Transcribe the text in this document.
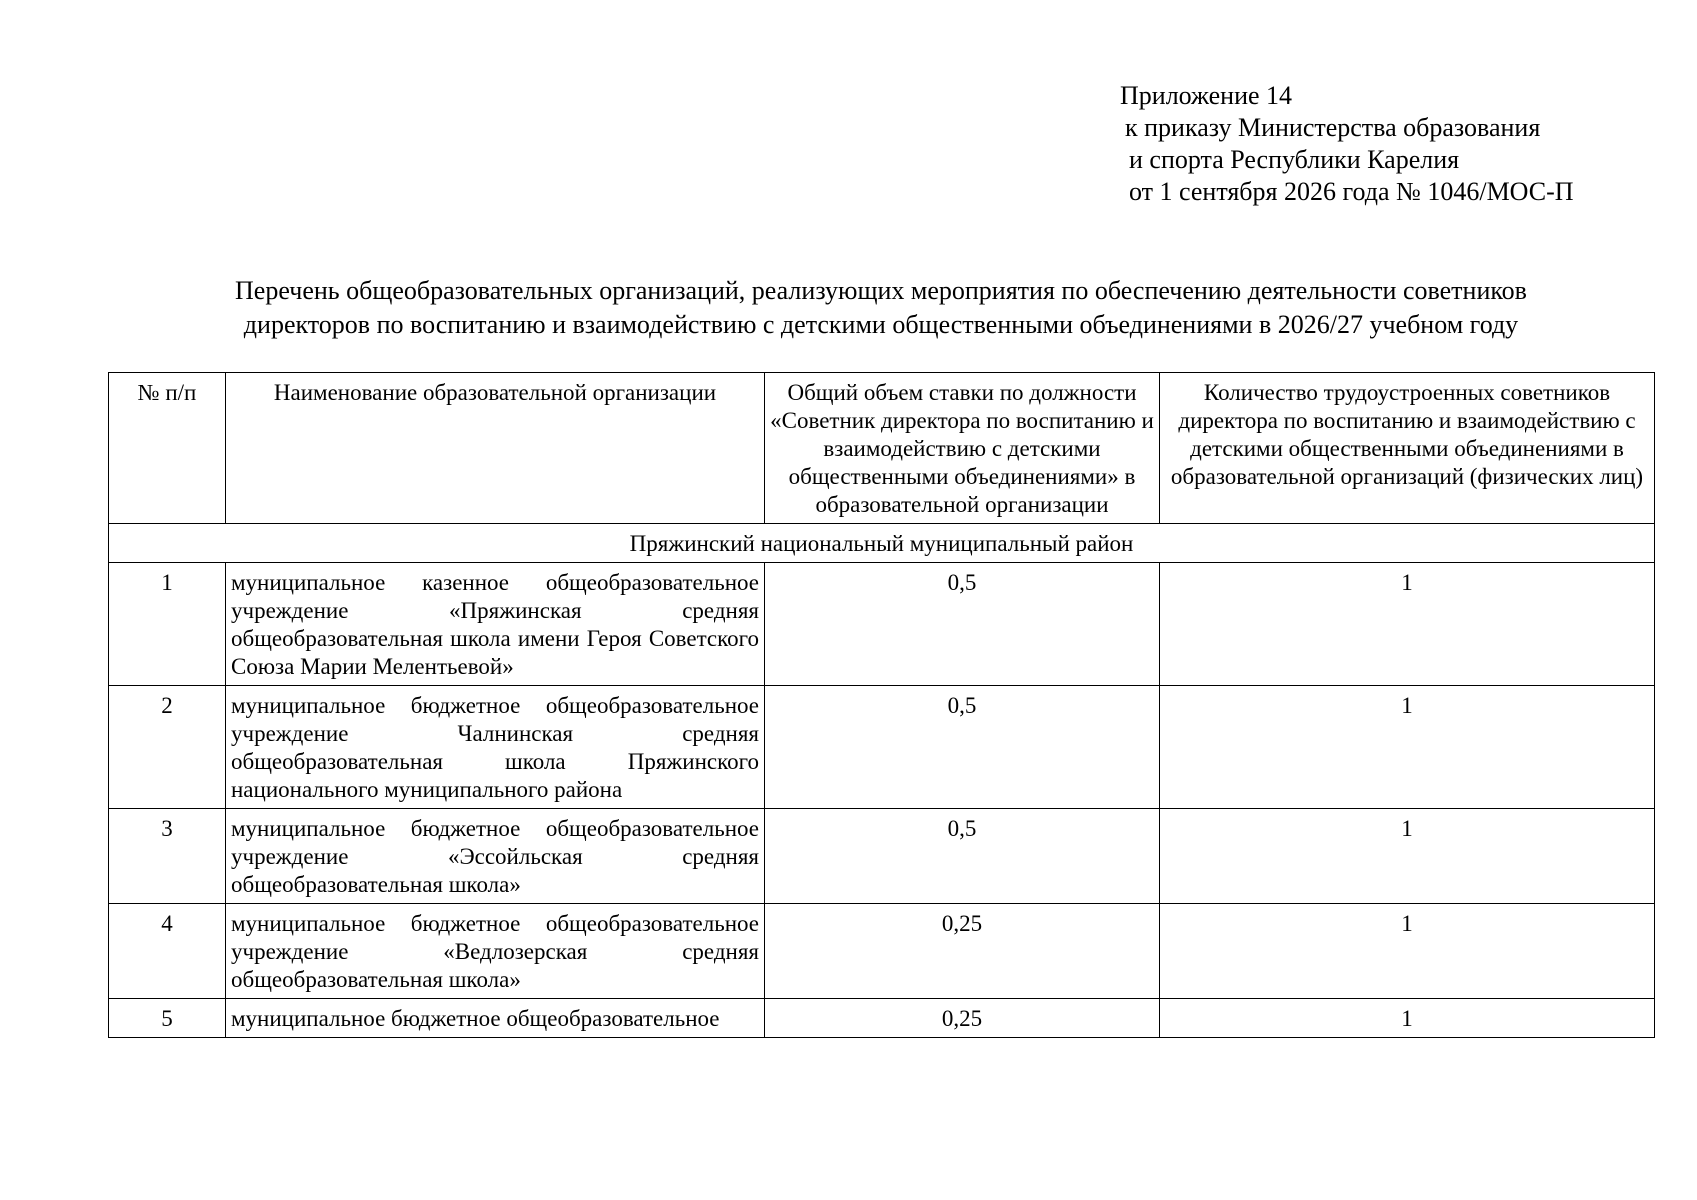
Приложение 14
к приказу Министерства образования
и спорта Республики Карелия
от 1 сентября 2026 года № 1046/МОС-П
Перечень общеобразовательных организаций, реализующих мероприятия по обеспечению деятельности советников
директоров по воспитанию и взаимодействию с детскими общественными объединениями в 2026/27 учебном году
№ п/п	Наименование образовательной организации	Общий объем ставки по должности «Советник директора по воспитанию и взаимодействию с детскими общественными объединениями» в образовательной организации	Количество трудоустроенных советников директора по воспитанию и взаимодействию с детскими общественными объединениями в образовательной организаций (физических лиц)
Пряжинский национальный муниципальный район			
1	муниципальное казенное общеобразовательное учреждение «Пряжинская средняя общеобразовательная школа имени Героя Советского Союза Марии Мелентьевой»	0,5	1
2	муниципальное бюджетное общеобразовательное учреждение Чалнинская средняя общеобразовательная школа Пряжинского национального муниципального района	0,5	1
3	муниципальное бюджетное общеобразовательное учреждение «Эссойльская средняя общеобразовательная школа»	0,5	1
4	муниципальное бюджетное общеобразовательное учреждение «Ведлозерская средняя общеобразовательная школа»	0,25	1
5	муниципальное бюджетное общеобразовательное	0,25	1
